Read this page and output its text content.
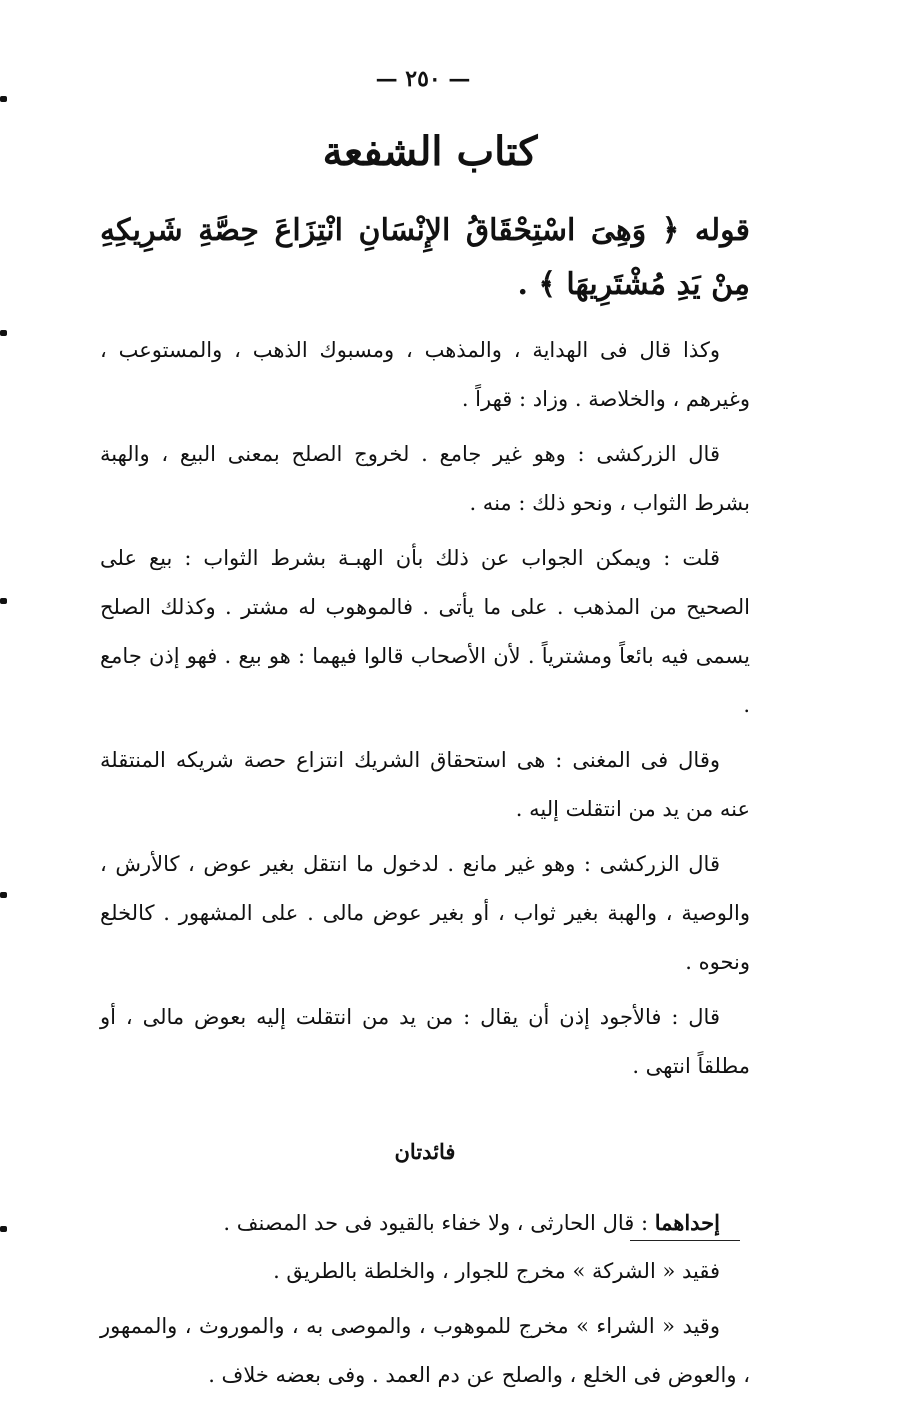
— ٢٥٠ —
كتاب الشفعة
قوله ﴿ وَهِىَ اسْتِحْقَاقُ الإِنْسَانِ انْتِزَاعَ حِصَّةِ شَرِيكِهِ مِنْ يَدِ مُشْتَرِيهَا ﴾ .

وكذا قال فى الهداية ، والمذهب ، ومسبوك الذهب ، والمستوعب ، وغيرهم ، والخلاصة . وزاد : قهراً .

قال الزركشى : وهو غير جامع . لخروج الصلح بمعنى البيع ، والهبة بشرط الثواب ، ونحو ذلك : منه .

قلت : ويمكن الجواب عن ذلك بأن الهبـة بشرط الثواب : بيع على الصحيح من المذهب . على ما يأتى . فالموهوب له مشتر . وكذلك الصلح يسمى فيه بائعاً ومشترياً . لأن الأصحاب قالوا فيهما : هو بيع . فهو إذن جامع .

وقال فى المغنى : هى استحقاق الشريك انتزاع حصة شريكه المنتقلة عنه من يد من انتقلت إليه .

قال الزركشى : وهو غير مانع . لدخول ما انتقل بغير عوض ، كالأرش ، والوصية ، والهبة بغير ثواب ، أو بغير عوض مالى . على المشهور . كالخلع ونحوه .

قال : فالأجود إذن أن يقال : من يد من انتقلت إليه بعوض مالى ، أو مطلقاً انتهى .

فائدتان

إحداهما : قال الحارثى ، ولا خفاء بالقيود فى حد المصنف .

فقيد « الشركة » مخرج للجوار ، والخلطة بالطريق .

وقيد « الشراء » مخرج للموهوب ، والموصى به ، والموروث ، والممهور ، والعوض فى الخلع ، والصلح عن دم العمد . وفى بعضه خلاف .
